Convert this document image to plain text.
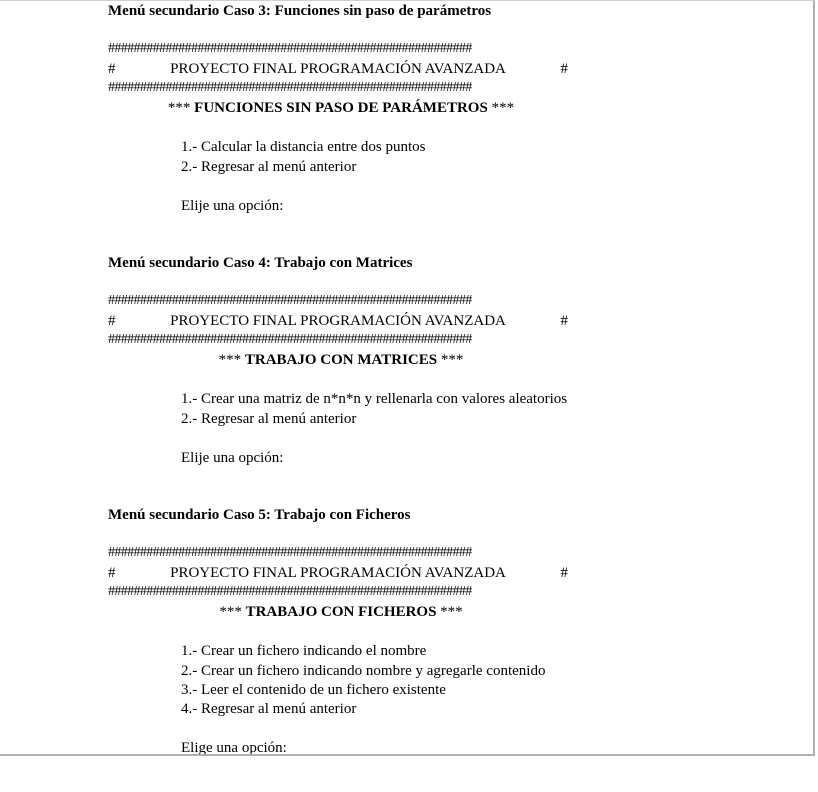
Menú secundario Caso 3: Funciones sin paso de parámetros
#########################################################
#	PROYECTO FINAL PROGRAMACIÓN AVANZADA	#
#########################################################
*** FUNCIONES SIN PASO DE PARÁMETROS ***
1.- Calcular la distancia entre dos puntos
2.- Regresar al menú anterior
Elije una opción:
Menú secundario Caso 4: Trabajo con Matrices
#########################################################
#	PROYECTO FINAL PROGRAMACIÓN AVANZADA	#
#########################################################
*** TRABAJO CON MATRICES ***
1.- Crear una matriz de n*n*n y rellenarla con valores aleatorios
2.- Regresar al menú anterior
Elije una opción:
Menú secundario Caso 5: Trabajo con Ficheros
#########################################################
#	PROYECTO FINAL PROGRAMACIÓN AVANZADA	#
#########################################################
*** TRABAJO CON FICHEROS ***
1.- Crear un fichero indicando el nombre
2.- Crear un fichero indicando nombre y agregarle contenido
3.- Leer el contenido de un fichero existente
4.- Regresar al menú anterior
Elige una opción:
